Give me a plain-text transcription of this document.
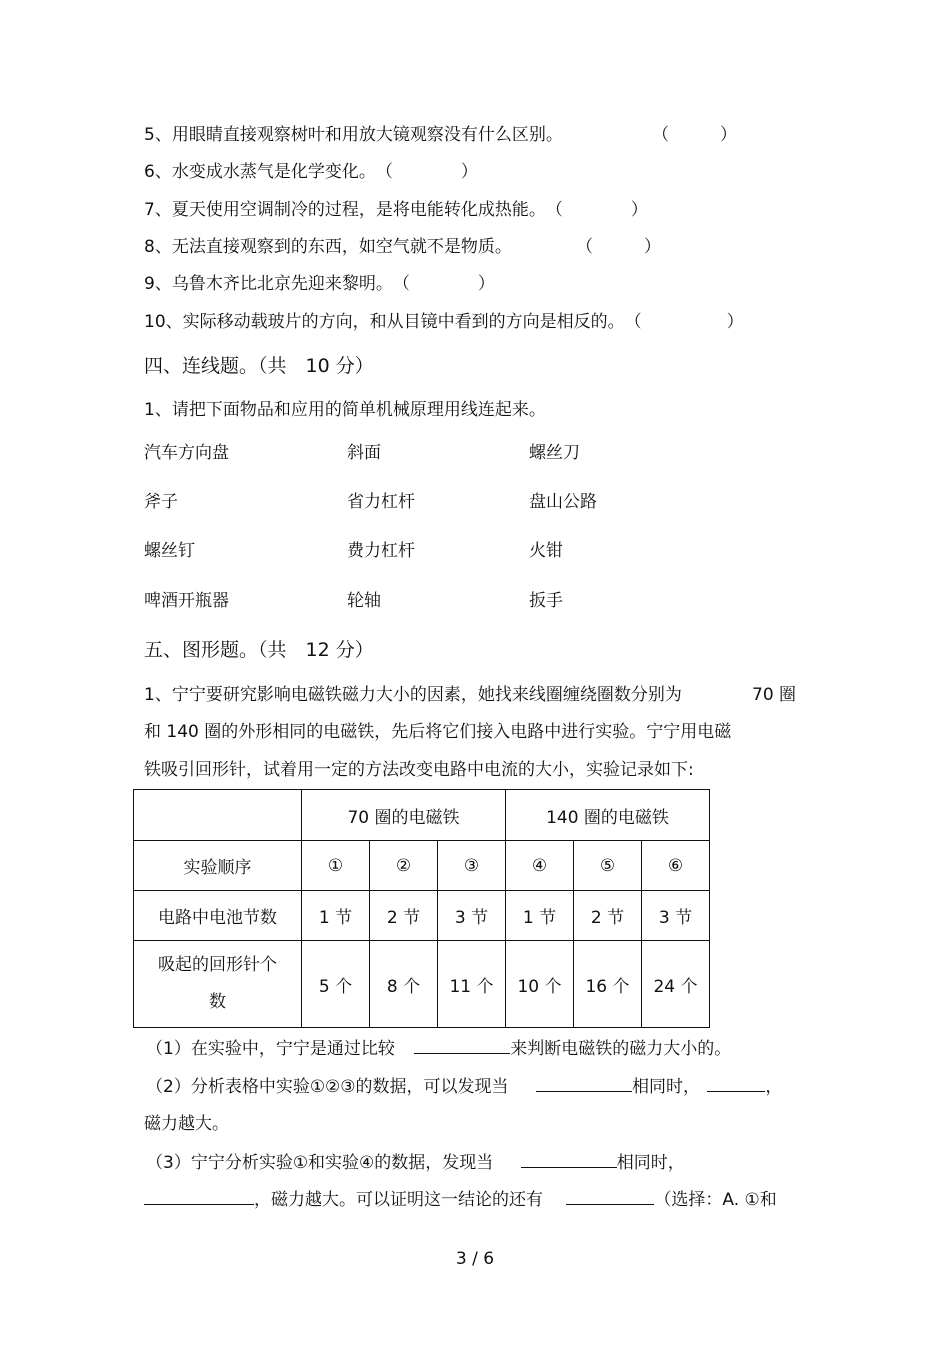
5、用眼睛直接观察树叶和用放大镜观察没有什么区别。	（　　　）
6、水变成水蒸气是化学变化。（　　　　）
7、夏天使用空调制冷的过程，是将电能转化成热能。（　　　　）
8、无法直接观察到的东西，如空气就不是物质。	（　　　）
9、乌鲁木齐比北京先迎来黎明。（　　　　）
10、实际移动载玻片的方向，和从目镜中看到的方向是相反的。（　　　　　）
四、连线题。（共　10 分）
1、请把下面物品和应用的简单机械原理用线连起来。
汽车方向盘	斜面	螺丝刀
斧子	省力杠杆	盘山公路
螺丝钉	费力杠杆	火钳
啤酒开瓶器	轮轴	扳手
五、图形题。（共　12 分）
1、宁宁要研究影响电磁铁磁力大小的因素，她找来线圈缠绕圈数分别为	70 圈
和 140 圈的外形相同的电磁铁，先后将它们接入电路中进行实验。宁宁用电磁
铁吸引回形针，试着用一定的方法改变电路中电流的大小，实验记录如下:
	70 圈的电磁铁			140 圈的电磁铁		
实验顺序	①	②	③	④	⑤	⑥
电路中电池节数	1 节	2 节	3 节	1 节	2 节	3 节

吸起的回形针个
数	5 个	8 个	11 个	10 个	16 个	24 个
（1）在实验中，宁宁是通过比较	来判断电磁铁的磁力大小的。
（2）分析表格中实验①②③的数据，可以发现当	相同时，	，
磁力越大。
（3）宁宁分析实验①和实验④的数据，发现当	相同时，
，磁力越大。可以证明这一结论的还有	（选择：A. ①和
3 / 6
